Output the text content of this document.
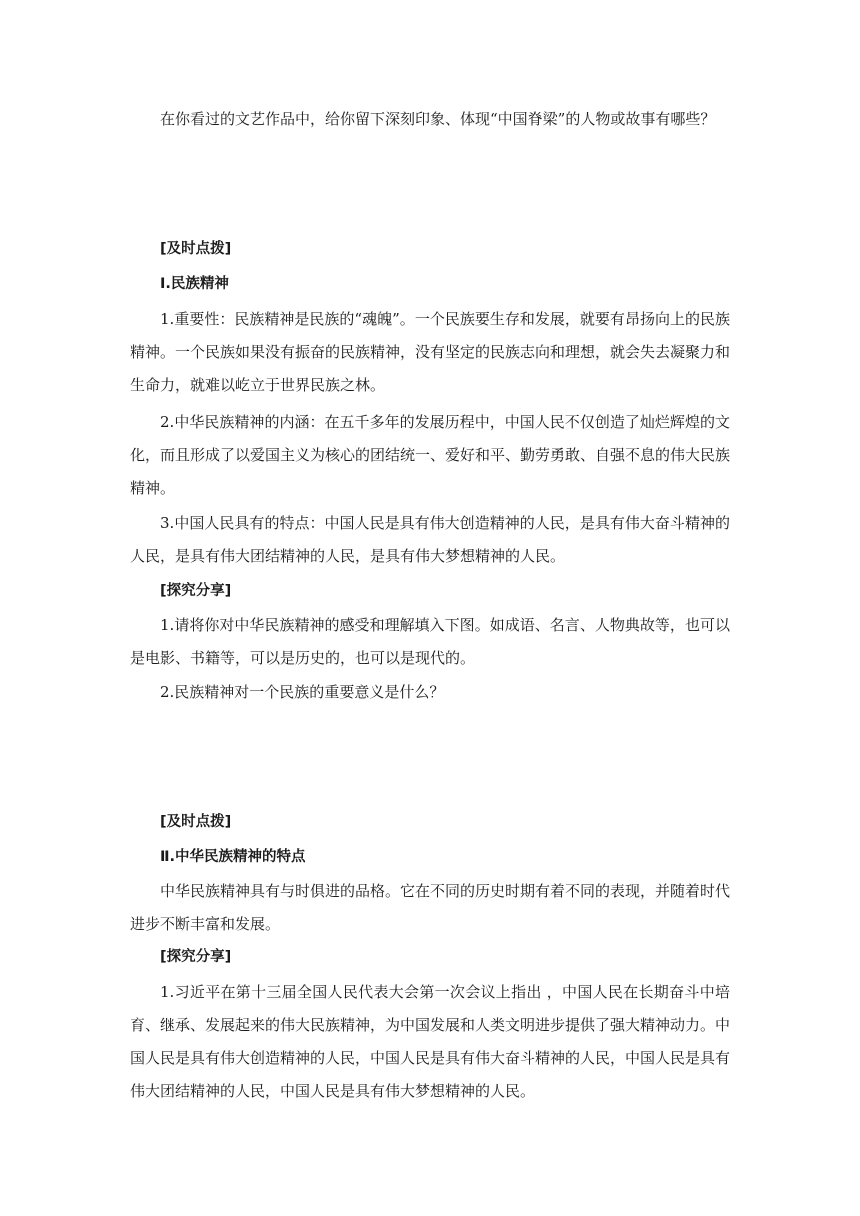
在你看过的文艺作品中，给你留下深刻印象、体现“中国脊梁”的人物或故事有哪些？

[及时点拨]

Ⅰ.民族精神

1.重要性：民族精神是民族的“魂魄”。一个民族要生存和发展，就要有昂扬向上的民族精神。一个民族如果没有振奋的民族精神，没有坚定的民族志向和理想，就会失去凝聚力和生命力，就难以屹立于世界民族之林。

2.中华民族精神的内涵：在五千多年的发展历程中，中国人民不仅创造了灿烂辉煌的文化，而且形成了以爱国主义为核心的团结统一、爱好和平、勤劳勇敢、自强不息的伟大民族精神。

3.中国人民具有的特点：中国人民是具有伟大创造精神的人民，是具有伟大奋斗精神的人民，是具有伟大团结精神的人民，是具有伟大梦想精神的人民。

[探究分享]

1.请将你对中华民族精神的感受和理解填入下图。如成语、名言、人物典故等，也可以是电影、书籍等，可以是历史的，也可以是现代的。

2.民族精神对一个民族的重要意义是什么？

[及时点拨]

Ⅱ.中华民族精神的特点

中华民族精神具有与时俱进的品格。它在不同的历史时期有着不同的表现，并随着时代进步不断丰富和发展。

[探究分享]

1.习近平在第十三届全国人民代表大会第一次会议上指出 ，中国人民在长期奋斗中培育、继承、发展起来的伟大民族精神，为中国发展和人类文明进步提供了强大精神动力。中国人民是具有伟大创造精神的人民，中国人民是具有伟大奋斗精神的人民，中国人民是具有伟大团结精神的人民，中国人民是具有伟大梦想精神的人民。
